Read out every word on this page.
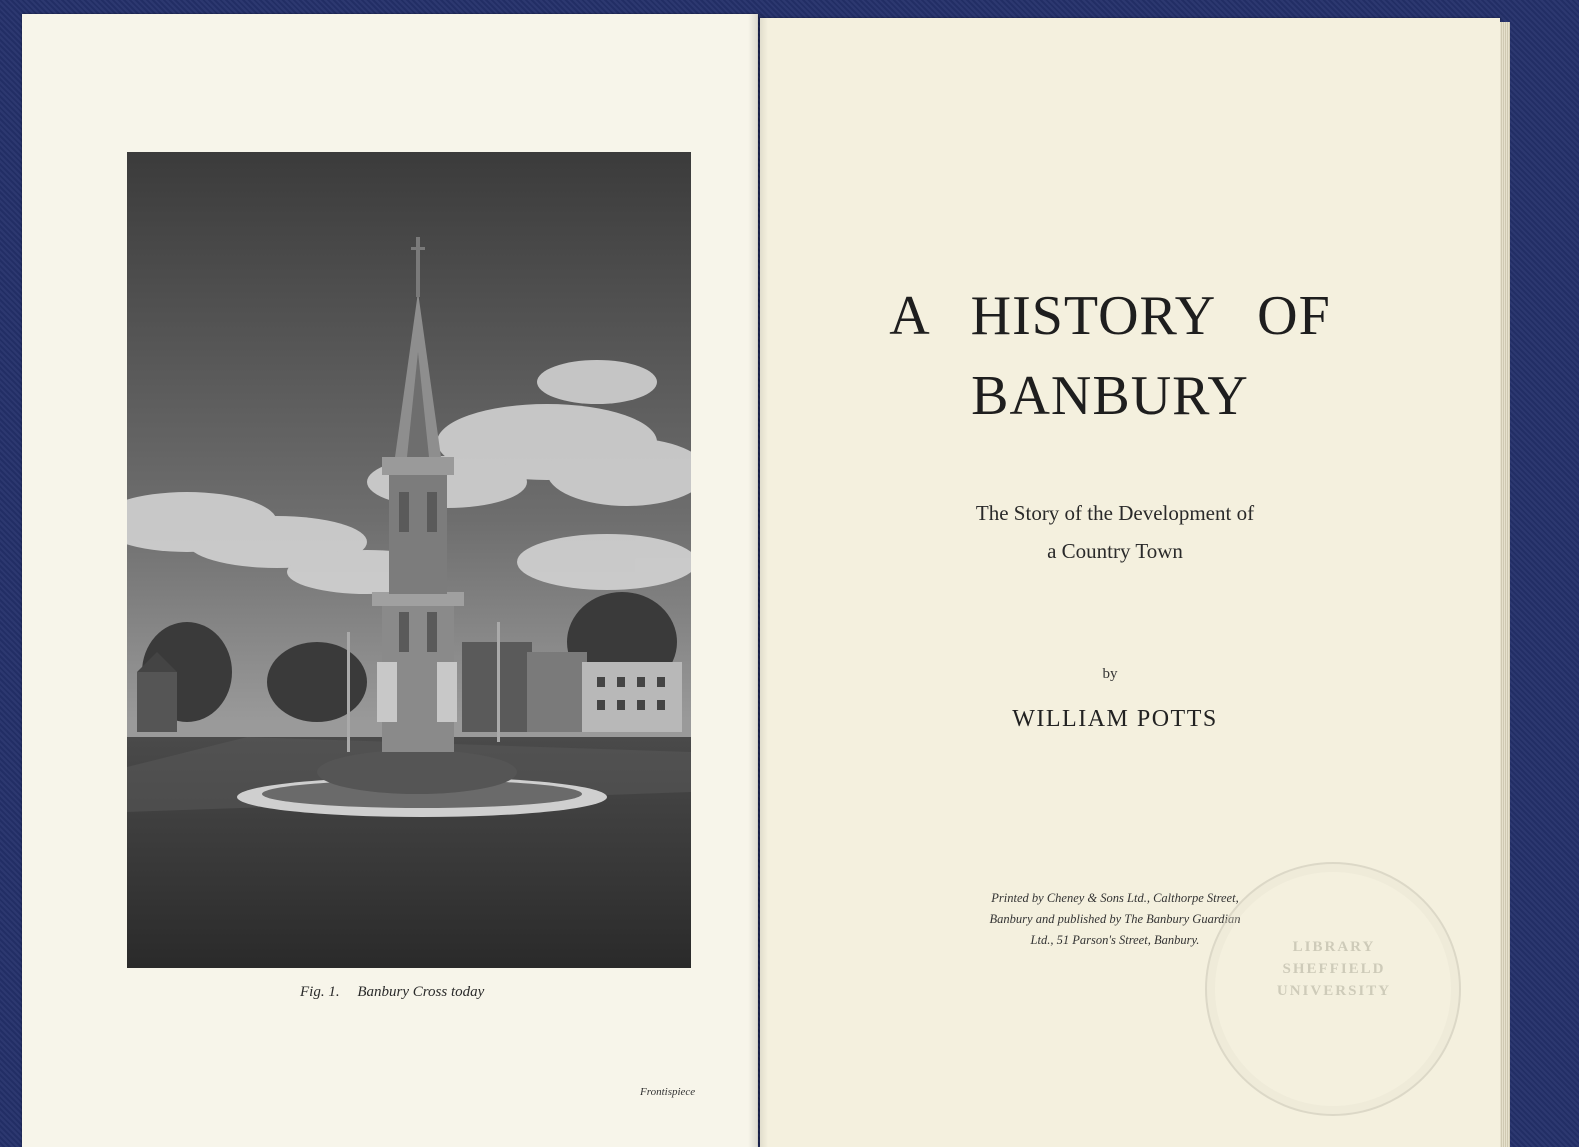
Fig. 1. Banbury Cross today
Frontispiece
A HISTORY OF
BANBURY
The Story of the Development of
a Country Town
by
WILLIAM POTTS
Printed by Cheney & Sons Ltd., Calthorpe Street,
Banbury and published by The Banbury Guardian
Ltd., 51 Parson's Street, Banbury.	LIBRARY
SHEFFIELD
UNIVERSITY
